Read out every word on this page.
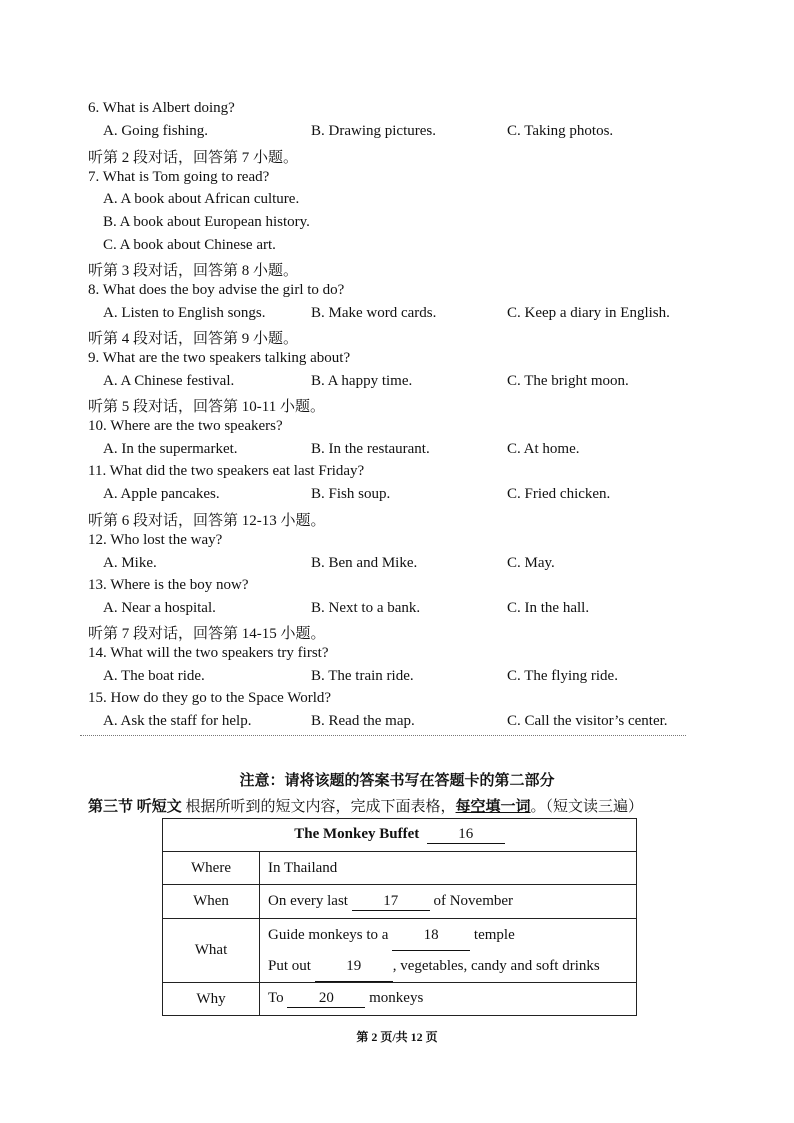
6. What is Albert doing?
A. Going fishing.	B. Drawing pictures.	C. Taking photos.
听第 2 段对话，回答第 7 小题。
7. What is Tom going to read?
A. A book about African culture.
B. A book about European history.
C. A book about Chinese art.
听第 3 段对话，回答第 8 小题。
8. What does the boy advise the girl to do?
A. Listen to English songs.	B. Make word cards.	C. Keep a diary in English.
听第 4 段对话，回答第 9 小题。
9. What are the two speakers talking about?
A. A Chinese festival.	B. A happy time.	C. The bright moon.
听第 5 段对话，回答第 10-11 小题。
10. Where are the two speakers?
A. In the supermarket.	B. In the restaurant.	C. At home.
11. What did the two speakers eat last Friday?
A. Apple pancakes.	B. Fish soup.	C. Fried chicken.
听第 6 段对话，回答第 12-13 小题。
12. Who lost the way?
A. Mike.	B. Ben and Mike.	C. May.
13. Where is the boy now?
A. Near a hospital.	B. Next to a bank.	C. In the hall.
听第 7 段对话，回答第 14-15 小题。
14. What will the two speakers try first?
A. The boat ride.	B. The train ride.	C. The flying ride.
15. How do they go to the Space World?
A. Ask the staff for help.	B. Read the map.	C. Call the visitor’s center.
注意：请将该题的答案书写在答题卡的第二部分
第三节 听短文 根据所听到的短文内容，完成下面表格，每空填一词。（短文读三遍）
The Monkey Buffet 16	
Where	In Thailand
When	On every last 17 of November
What	Guide monkeys to a 18 temple
Put out 19 , vegetables, candy and soft drinks

Why	To 20 monkeys
第 2 页/共 12 页
